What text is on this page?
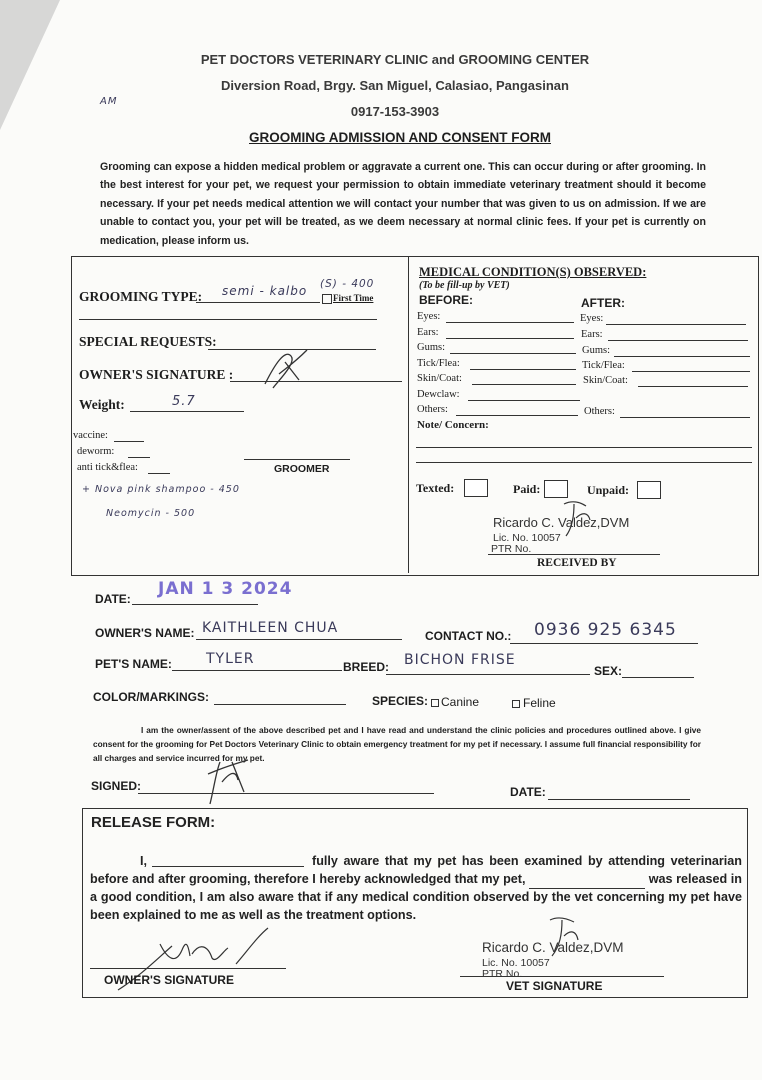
PET DOCTORS VETERINARY CLINIC and GROOMING CENTER
Diversion Road, Brgy. San Miguel, Calasiao, Pangasinan
0917-153-3903
GROOMING ADMISSION AND CONSENT FORM
AM
Grooming can expose a hidden medical problem or aggravate a current one. This can occur during or after grooming. In the best interest for your pet, we request your permission to obtain immediate veterinary treatment should it become necessary. If your pet needs medical attention we will contact your number that was given to us on admission. If we are unable to contact you, your pet will be treated, as we deem necessary at normal clinic fees. If your pet is currently on medication, please inform us.
GROOMING TYPE: semi - kalbo (S) - 400
First Time
SPECIAL REQUESTS:
OWNER'S SIGNATURE :
Weight:	5.7
vaccine:
deworm:
anti tick&flea:	GROOMER
+ Nova pink shampoo - 450
Neomycin - 500
MEDICAL CONDITION(S) OBSERVED:
(To be fill-up by VET)
BEFORE:	AFTER:
Eyes:	Eyes:
Ears:	Ears:
Gums:	Gums:
Tick/Flea:	Tick/Flea:
Skin/Coat:	Skin/Coat:
Dewclaw:
Others:	Others:
Note/ Concern:
Texted:	Paid:	Unpaid:
Ricardo C. Valdez,DVM
Lic. No. 10057
PTR No.
RECEIVED BY
DATE: JAN 1 3 2024
OWNER'S NAME: KAITHLEEN CHUA	CONTACT NO.: 0936 925 6345
PET'S NAME: TYLER	BREED: BICHON FRISE
SEX:
COLOR/MARKINGS:	SPECIES: Canine	Feline
I am the owner/assent of the above described pet and I have read and understand the clinic policies and procedures outlined above. I give consent for the grooming for Pet Doctors Veterinary Clinic to obtain emergency treatment for my pet if necessary. I assume full financial responsibility for all charges and service incurred for my pet.
SIGNED:	DATE:
RELEASE FORM:
I,	fully aware that my pet has been examined by attending veterinarian before and after grooming, therefore I hereby acknowledged that my pet,	was released in a good condition, I am also aware that if any medical condition observed by the vet concerning my pet have been explained to me as well as the treatment options.
OWNER'S SIGNATURE
Ricardo C. Valdez,DVM
Lic. No. 10057
PTR No.
VET SIGNATURE
